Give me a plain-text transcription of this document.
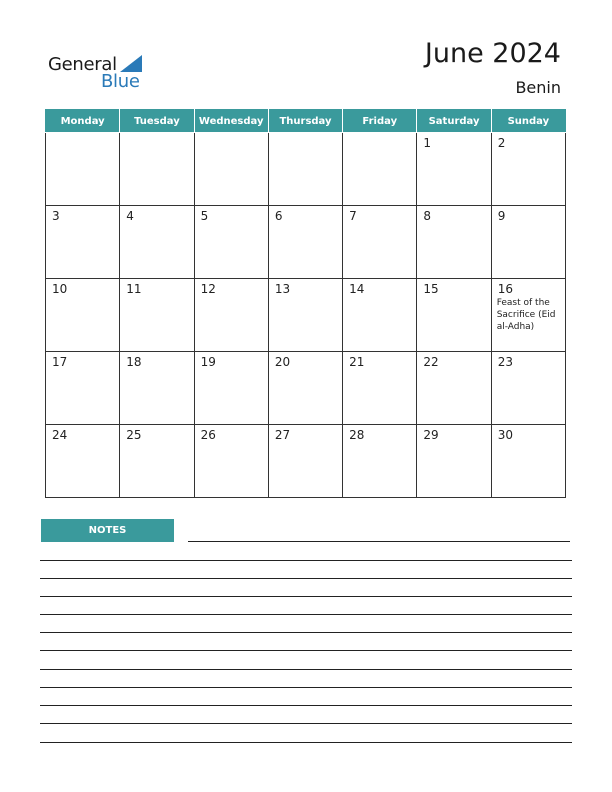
General
Blue
June 2024
Benin
Monday	Tuesday	Wednesday	Thursday	Friday	Saturday	Sunday

					1	2

3	4	5	6	7	8	9

10	11	12	13	14	15	16
Feast of the Sacrifice (Eid al-Adha)

17	18	19	20	21	22	23

24	25	26	27	28	29	30
NOTES
